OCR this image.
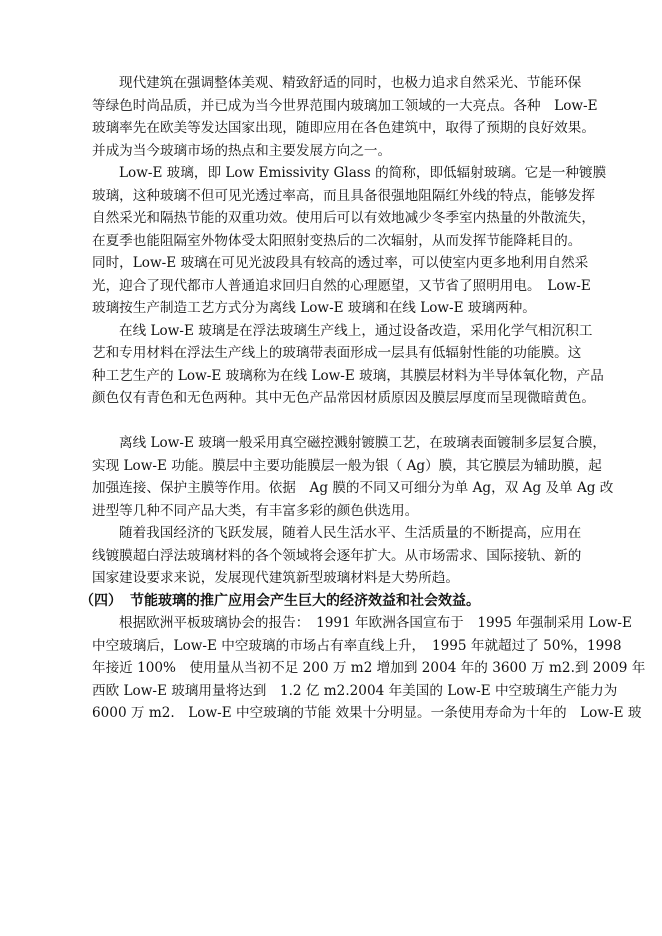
现代建筑在强调整体美观、精致舒适的同时，也极力追求自然采光、节能环保
等绿色时尚品质，并已成为当今世界范围内玻璃加工领域的一大亮点。各种　Low-E
玻璃率先在欧美等发达国家出现，随即应用在各色建筑中，取得了预期的良好效果。
并成为当今玻璃市场的热点和主要发展方向之一。
Low-E 玻璃，即 Low Emissivity Glass 的简称，即低辐射玻璃。它是一种镀膜
玻璃，这种玻璃不但可见光透过率高，而且具备很强地阻隔红外线的特点，能够发挥
自然采光和隔热节能的双重功效。使用后可以有效地减少冬季室内热量的外散流失，
在夏季也能阻隔室外物体受太阳照射变热后的二次辐射，从而发挥节能降耗目的。
同时，Low-E 玻璃在可见光波段具有较高的透过率，可以使室内更多地利用自然采
光，迎合了现代都市人普通追求回归自然的心理愿望，又节省了照明用电。　Low-E
玻璃按生产制造工艺方式分为离线 Low-E 玻璃和在线 Low-E 玻璃两种。
在线 Low-E 玻璃是在浮法玻璃生产线上，通过设备改造，采用化学气相沉积工
艺和专用材料在浮法生产线上的玻璃带表面形成一层具有低辐射性能的功能膜。这
种工艺生产的 Low-E 玻璃称为在线 Low-E 玻璃，其膜层材料为半导体氧化物，产品
颜色仅有青色和无色两种。其中无色产品常因材质原因及膜层厚度而呈现微暗黄色。
离线 Low-E 玻璃一般采用真空磁控溅射镀膜工艺，在玻璃表面镀制多层复合膜，
实现 Low-E 功能。膜层中主要功能膜层一般为银（ Ag）膜，其它膜层为辅助膜，起
加强连接、保护主膜等作用。依据　Ag 膜的不同又可细分为单 Ag，双 Ag 及单 Ag 改
进型等几种不同产品大类，有丰富多彩的颜色供选用。
随着我国经济的飞跃发展，随着人民生活水平、生活质量的不断提高，应用在
线镀膜超白浮法玻璃材料的各个领域将会逐年扩大。从市场需求、国际接轨、新的
国家建设要求来说，发展现代建筑新型玻璃材料是大势所趋。
（四） 节能玻璃的推广应用会产生巨大的经济效益和社会效益。
根据欧洲平板玻璃协会的报告：　1991 年欧洲各国宣布于　1995 年强制采用 Low-E
中空玻璃后，Low-E 中空玻璃的市场占有率直线上升，　1995 年就超过了 50%，1998
年接近 100%　使用量从当初不足 200 万 m2 增加到 2004 年的 3600 万 m2.到 2009 年
西欧 Low-E 玻璃用量将达到　1.2 亿 m2.2004 年美国的 Low-E 中空玻璃生产能力为
6000 万 m2.　Low-E 中空玻璃的节能 效果十分明显。一条使用寿命为十年的　Low-E 玻
